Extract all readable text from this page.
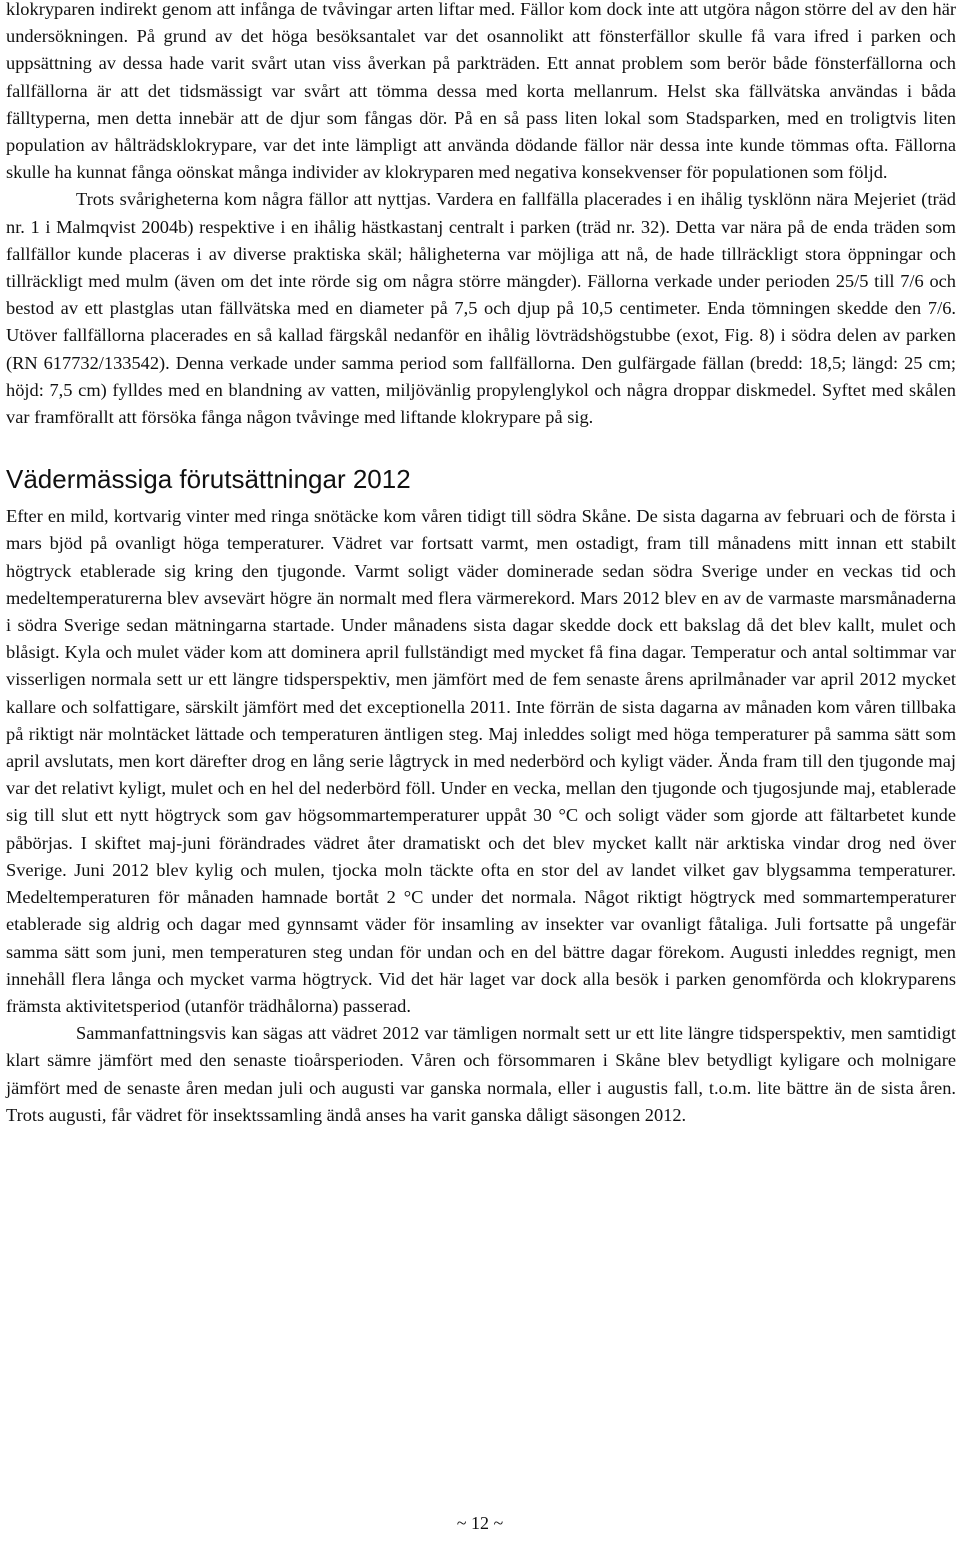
klokryparen indirekt genom att infånga de tvåvingar arten liftar med. Fällor kom dock inte att utgöra någon större del av den här undersökningen. På grund av det höga besöksantalet var det osannolikt att fönsterfällor skulle få vara ifred i parken och uppsättning av dessa hade varit svårt utan viss åverkan på parkträden. Ett annat problem som berör både fönsterfällorna och fallfällorna är att det tidsmässigt var svårt att tömma dessa med korta mellanrum. Helst ska fällvätska användas i båda fälltyperna, men detta innebär att de djur som fångas dör. På en så pass liten lokal som Stadsparken, med en troligtvis liten population av hålträdsklokrypare, var det inte lämpligt att använda dödande fällor när dessa inte kunde tömmas ofta. Fällorna skulle ha kunnat fånga oönskat många individer av klokryparen med negativa konsekvenser för populationen som följd.

Trots svårigheterna kom några fällor att nyttjas. Vardera en fallfälla placerades i en ihålig tysklönn nära Mejeriet (träd nr. 1 i Malmqvist 2004b) respektive i en ihålig hästkastanj centralt i parken (träd nr. 32). Detta var nära på de enda träden som fallfällor kunde placeras i av diverse praktiska skäl; håligheterna var möjliga att nå, de hade tillräckligt stora öppningar och tillräckligt med mulm (även om det inte rörde sig om några större mängder). Fällorna verkade under perioden 25/5 till 7/6 och bestod av ett plastglas utan fällvätska med en diameter på 7,5 och djup på 10,5 centimeter. Enda tömningen skedde den 7/6. Utöver fallfällorna placerades en så kallad färgskål nedanför en ihålig lövträdshögstubbe (exot, Fig. 8) i södra delen av parken (RN 617732/133542). Denna verkade under samma period som fallfällorna. Den gulfärgade fällan (bredd: 18,5; längd: 25 cm; höjd: 7,5 cm) fylldes med en blandning av vatten, miljövänlig propylenglykol och några droppar diskmedel. Syftet med skålen var framförallt att försöka fånga någon tvåvinge med liftande klokrypare på sig.

Vädermässiga förutsättningar 2012

Efter en mild, kortvarig vinter med ringa snötäcke kom våren tidigt till södra Skåne. De sista dagarna av februari och de första i mars bjöd på ovanligt höga temperaturer. Vädret var fortsatt varmt, men ostadigt, fram till månadens mitt innan ett stabilt högtryck etablerade sig kring den tjugonde. Varmt soligt väder dominerade sedan södra Sverige under en veckas tid och medeltemperaturerna blev avsevärt högre än normalt med flera värmerekord. Mars 2012 blev en av de varmaste marsmånaderna i södra Sverige sedan mätningarna startade. Under månadens sista dagar skedde dock ett bakslag då det blev kallt, mulet och blåsigt. Kyla och mulet väder kom att dominera april fullständigt med mycket få fina dagar. Temperatur och antal soltimmar var visserligen normala sett ur ett längre tidsperspektiv, men jämfört med de fem senaste årens aprilmånader var april 2012 mycket kallare och solfattigare, särskilt jämfört med det exceptionella 2011. Inte förrän de sista dagarna av månaden kom våren tillbaka på riktigt när molntäcket lättade och temperaturen äntligen steg. Maj inleddes soligt med höga temperaturer på samma sätt som april avslutats, men kort därefter drog en lång serie lågtryck in med nederbörd och kyligt väder. Ända fram till den tjugonde maj var det relativt kyligt, mulet och en hel del nederbörd föll. Under en vecka, mellan den tjugonde och tjugosjunde maj, etablerade sig till slut ett nytt högtryck som gav högsommartemperaturer uppåt 30 °C och soligt väder som gjorde att fältarbetet kunde påbörjas. I skiftet maj-juni förändrades vädret åter dramatiskt och det blev mycket kallt när arktiska vindar drog ned över Sverige. Juni 2012 blev kylig och mulen, tjocka moln täckte ofta en stor del av landet vilket gav blygsamma temperaturer. Medeltemperaturen för månaden hamnade bortåt 2 °C under det normala. Något riktigt högtryck med sommartemperaturer etablerade sig aldrig och dagar med gynnsamt väder för insamling av insekter var ovanligt fåtaliga. Juli fortsatte på ungefär samma sätt som juni, men temperaturen steg undan för undan och en del bättre dagar förekom. Augusti inleddes regnigt, men innehåll flera långa och mycket varma högtryck. Vid det här laget var dock alla besök i parken genomförda och klokryparens främsta aktivitetsperiod (utanför trädhålorna) passerad.

Sammanfattningsvis kan sägas att vädret 2012 var tämligen normalt sett ur ett lite längre tidsperspektiv, men samtidigt klart sämre jämfört med den senaste tioårsperioden. Våren och försommaren i Skåne blev betydligt kyligare och molnigare jämfört med de senaste åren medan juli och augusti var ganska normala, eller i augustis fall, t.o.m. lite bättre än de sista åren. Trots augusti, får vädret för insektssamling ändå anses ha varit ganska dåligt säsongen 2012.

~ 12 ~
